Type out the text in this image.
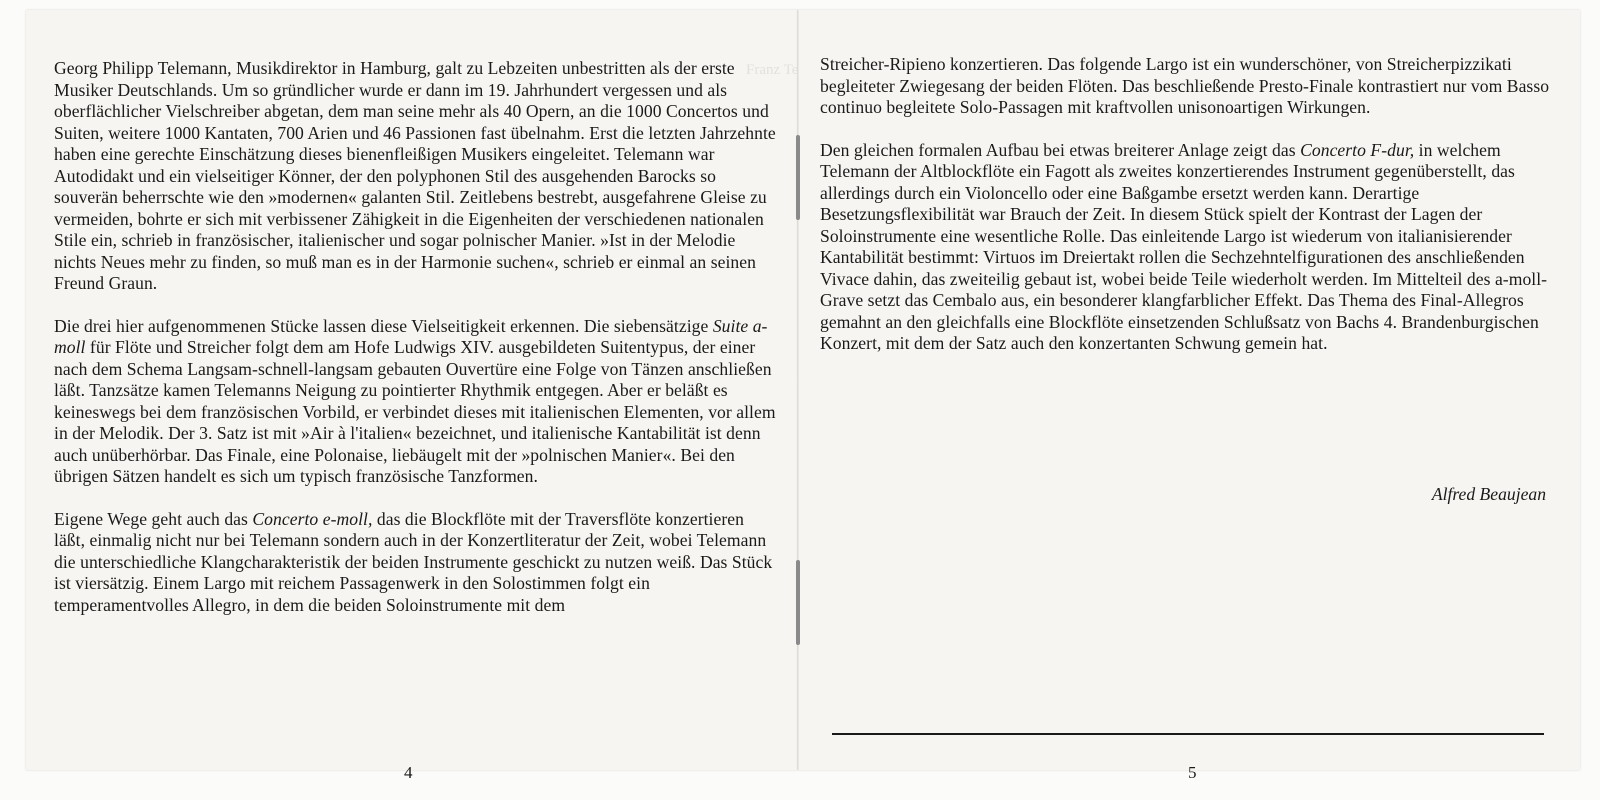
Franz Telemann

Georg Philipp Telemann, Musikdirektor in Hamburg, galt zu Lebzeiten unbestritten als der erste Musiker Deutschlands. Um so gründlicher wurde er dann im 19. Jahrhundert vergessen und als oberflächlicher Vielschreiber abgetan, dem man seine mehr als 40 Opern, an die 1000 Concertos und Suiten, weitere 1000 Kantaten, 700 Arien und 46 Passionen fast übelnahm. Erst die letzten Jahrzehnte haben eine gerechte Einschätzung dieses bienenfleißigen Musikers eingeleitet. Telemann war Autodidakt und ein vielseitiger Könner, der den polyphonen Stil des ausgehenden Barocks so souverän beherrschte wie den »modernen« galanten Stil. Zeitlebens bestrebt, ausgefahrene Gleise zu vermeiden, bohrte er sich mit verbissener Zähigkeit in die Eigenheiten der verschiedenen nationalen Stile ein, schrieb in französischer, italienischer und sogar polnischer Manier. »Ist in der Melodie nichts Neues mehr zu finden, so muß man es in der Harmonie suchen«, schrieb er einmal an seinen Freund Graun.

Die drei hier aufgenommenen Stücke lassen diese Vielseitigkeit erkennen. Die siebensätzige Suite a-moll für Flöte und Streicher folgt dem am Hofe Ludwigs XIV. ausgebildeten Suitentypus, der einer nach dem Schema Langsam-schnell-langsam gebauten Ouvertüre eine Folge von Tänzen anschließen läßt. Tanzsätze kamen Telemanns Neigung zu pointierter Rhythmik entgegen. Aber er beläßt es keineswegs bei dem französischen Vorbild, er verbindet dieses mit italienischen Elementen, vor allem in der Melodik. Der 3. Satz ist mit »Air à l'italien« bezeichnet, und italienische Kantabilität ist denn auch unüberhörbar. Das Finale, eine Polonaise, liebäugelt mit der »polnischen Manier«. Bei den übrigen Sätzen handelt es sich um typisch französische Tanzformen.

Eigene Wege geht auch das Concerto e-moll, das die Blockflöte mit der Traversflöte konzertieren läßt, einmalig nicht nur bei Telemann sondern auch in der Konzertliteratur der Zeit, wobei Telemann die unterschiedliche Klangcharakteristik der beiden Instrumente geschickt zu nutzen weiß. Das Stück ist viersätzig. Einem Largo mit reichem Passagenwerk in den Solostimmen folgt ein temperamentvolles Allegro, in dem die beiden Soloinstrumente mit dem

4

Streicher-Ripieno konzertieren. Das folgende Largo ist ein wunderschöner, von Streicherpizzikati begleiteter Zwiegesang der beiden Flöten. Das beschließende Presto-Finale kontrastiert nur vom Basso continuo begleitete Solo-Passagen mit kraftvollen unisonoartigen Wirkungen.

Den gleichen formalen Aufbau bei etwas breiterer Anlage zeigt das Concerto F-dur, in welchem Telemann der Altblockflöte ein Fagott als zweites konzertierendes Instrument gegenüberstellt, das allerdings durch ein Violoncello oder eine Baßgambe ersetzt werden kann. Derartige Besetzungsflexibilität war Brauch der Zeit. In diesem Stück spielt der Kontrast der Lagen der Soloinstrumente eine wesentliche Rolle. Das einleitende Largo ist wiederum von italianisierender Kantabilität bestimmt: Virtuos im Dreiertakt rollen die Sechzehntelfigurationen des anschließenden Vivace dahin, das zweiteilig gebaut ist, wobei beide Teile wiederholt werden. Im Mittelteil des a-moll-Grave setzt das Cembalo aus, ein besonderer klangfarblicher Effekt. Das Thema des Final-Allegros gemahnt an den gleichfalls eine Blockflöte einsetzenden Schlußsatz von Bachs 4. Brandenburgischen Konzert, mit dem der Satz auch den konzertanten Schwung gemein hat.

Alfred Beaujean
5
